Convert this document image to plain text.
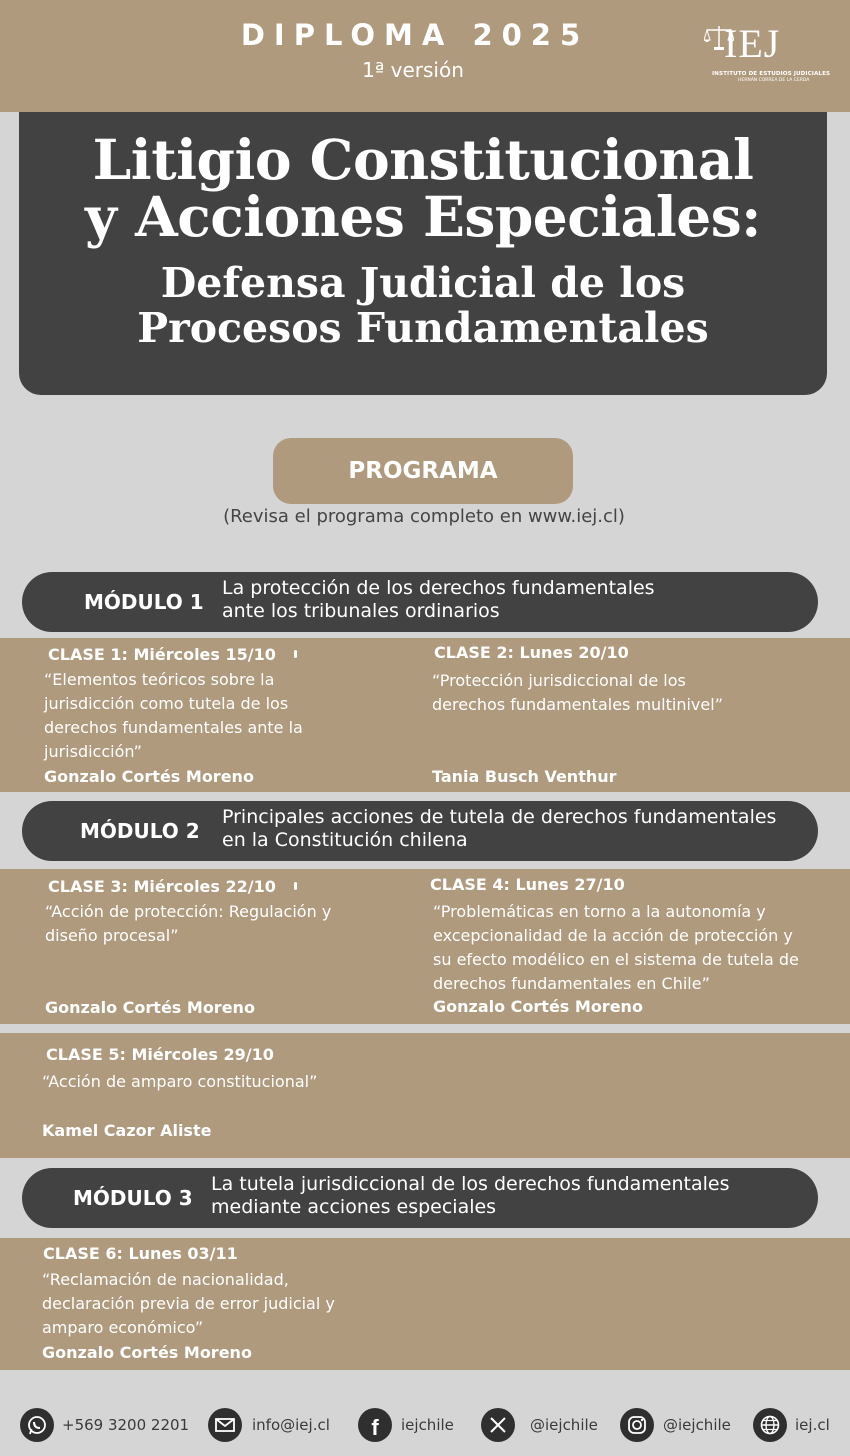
DIPLOMA 2025
1ª versión
IEJ
INSTITUTO DE ESTUDIOS JUDICIALES
HERNÁN CORREA DE LA CERDA
Litigio Constitucional
y Acciones Especiales:
Defensa Judicial de los
Procesos Fundamentales
PROGRAMA
(Revisa el programa completo en www.iej.cl)
MÓDULO 1
La protección de los derechos fundamentales
ante los tribunales ordinarios
CLASE 1: Miércoles 15/10
“Elementos teóricos sobre la
jurisdicción como tutela de los
derechos fundamentales ante la
jurisdicción”
Gonzalo Cortés Moreno
CLASE 2: Lunes 20/10
“Protección jurisdiccional de los
derechos fundamentales multinivel”
Tania Busch Venthur
MÓDULO 2
Principales acciones de tutela de derechos fundamentales
en la Constitución chilena
CLASE 3: Miércoles 22/10
“Acción de protección: Regulación y
diseño procesal”
Gonzalo Cortés Moreno
CLASE 4: Lunes 27/10
“Problemáticas en torno a la autonomía y
excepcionalidad de la acción de protección y
su efecto modélico en el sistema de tutela de
derechos fundamentales en Chile”
Gonzalo Cortés Moreno
CLASE 5: Miércoles 29/10
“Acción de amparo constitucional”
Kamel Cazor Aliste
MÓDULO 3
La tutela jurisdiccional de los derechos fundamentales
mediante acciones especiales
CLASE 6: Lunes 03/11
“Reclamación de nacionalidad,
declaración previa de error judicial y
amparo económico”
Gonzalo Cortés Moreno
+569 3200 2201	info@iej.cl f iejchile	@iejchile	@iejchile	iej.cl
